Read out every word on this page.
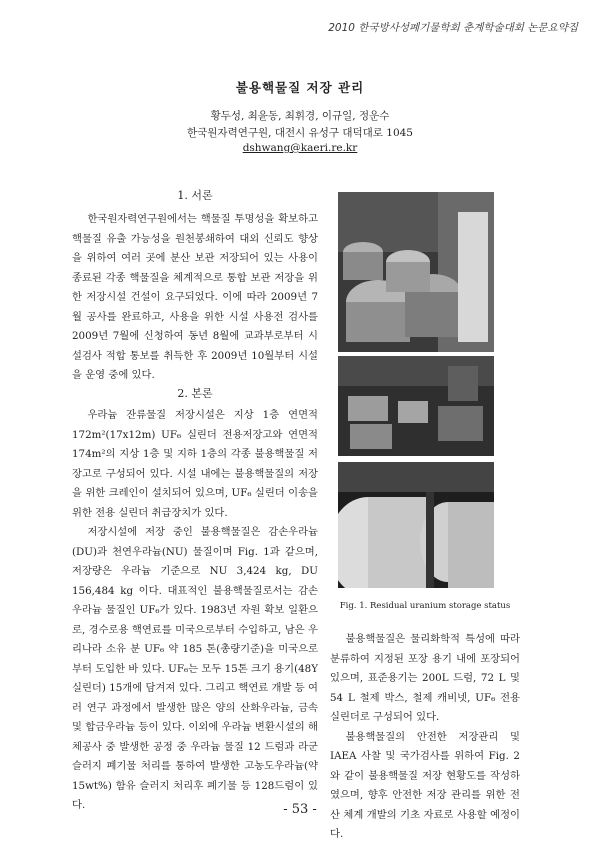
2010 한국방사성폐기물학회 춘계학술대회 논문요약집
불용핵물질 저장 관리
황두성, 최윤동, 최휘경, 이규일, 정운수
한국원자력연구원, 대전시 유성구 대덕대로 1045
dshwang@kaeri.re.kr
1. 서론

한국원자력연구원에서는 핵물질 투명성을 확보하고 핵물질 유출 가능성을 원천봉쇄하여 대외 신뢰도 향상을 위하여 여러 곳에 분산 보관 저장되어 있는 사용이 종료된 각종 핵물질을 체계적으로 통합 보관 저장을 위한 저장시설 건설이 요구되었다. 이에 따라 2009년 7월 공사를 완료하고, 사용을 위한 시설 사용전 검사를 2009년 7월에 신청하여 동년 8월에 교과부로부터 시설검사 적합 통보를 취득한 후 2009년 10월부터 시설을 운영 중에 있다.

2. 본론

우라늄 잔류물질 저장시설은 지상 1층 연면적 172m²(17x12m) UF₆ 실린더 전용저장고와 연면적 174m²의 지상 1층 및 지하 1층의 각종 불용핵물질 저장고로 구성되어 있다. 시설 내에는 불용핵물질의 저장을 위한 크레인이 설치되어 있으며, UF₆ 실린더 이송을 위한 전용 실린더 취급장치가 있다.

저장시설에 저장 중인 불용핵물질은 감손우라늄(DU)과 천연우라늄(NU) 물질이며 Fig. 1과 같으며, 저장량은 우라늄 기준으로 NU 3,424 kg, DU 156,484 kg 이다. 대표적인 불용핵물질로서는 감손 우라늄 물질인 UF₆가 있다. 1983년 자원 확보 일환으로, 경수로용 핵연료를 미국으로부터 수입하고, 남은 우리나라 소유 분 UF₆ 약 185 톤(총량기준)을 미국으로부터 도입한 바 있다. UF₆는 모두 15톤 크기 용기(48Y 실린더) 15개에 담겨져 있다. 그리고 핵연료 개발 등 여러 연구 과정에서 발생한 많은 양의 산화우라늄, 금속 및 합금우라늄 등이 있다. 이외에 우라늄 변환시설의 해체공사 중 발생한 공정 중 우라늄 물질 12 드럼과 라군슬러지 폐기물 처리를 통하여 발생한 고농도우라늄(약 15wt%) 함유 슬러지 처리후 폐기물 등 128드럼이 있다.

Fig. 1. Residual uranium storage status

불용핵물질은 물리화학적 특성에 따라 분류하여 지정된 포장 용기 내에 포장되어 있으며, 표준용기는 200L 드럼, 72 L 및 54 L 철제 박스, 철제 캐비넷, UF₆ 전용 실린더로 구성되어 있다.

불용핵물질의 안전한 저장관리 및 IAEA 사찰 및 국가검사를 위하여 Fig. 2와 같이 불용핵물질 저장 현황도를 작성하였으며, 향후 안전한 저장 관리를 위한 전산 체계 개발의 기초 자료로 사용할 예정이다.

- 53 -
